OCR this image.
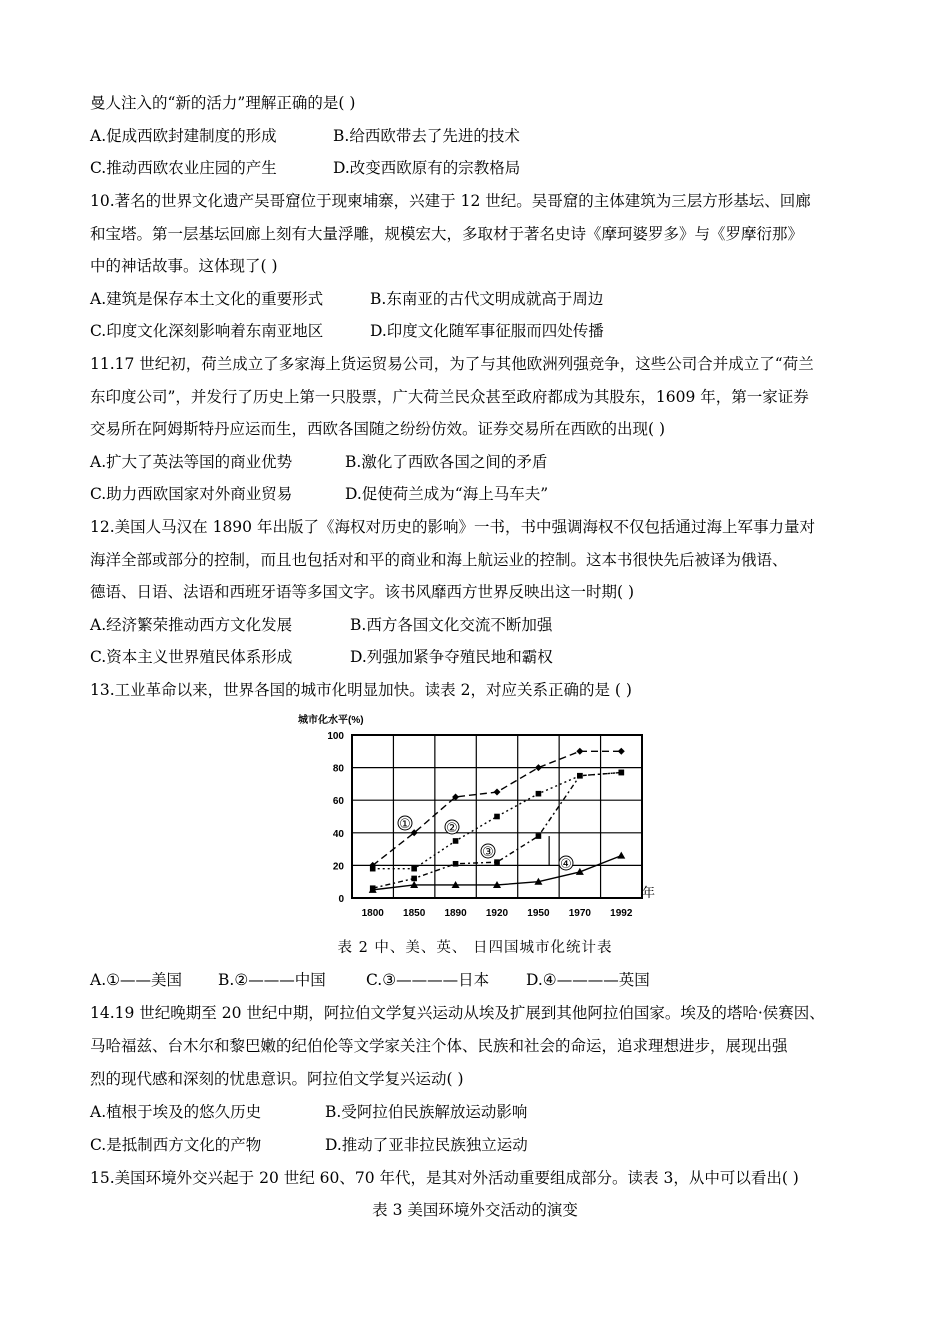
曼人注入的“新的活力”理解正确的是( )
A.促成西欧封建制度的形成	B.给西欧带去了先进的技术
C.推动西欧农业庄园的产生	D.改变西欧原有的宗教格局
10.著名的世界文化遗产吴哥窟位于现柬埔寨，兴建于 12 世纪。吴哥窟的主体建筑为三层方形基坛、回廊
和宝塔。第一层基坛回廊上刻有大量浮雕，规模宏大，多取材于著名史诗《摩珂婆罗多》与《罗摩衍那》
中的神话故事。这体现了( )
A.建筑是保存本土文化的重要形式	B.东南亚的古代文明成就高于周边
C.印度文化深刻影响着东南亚地区	D.印度文化随军事征服而四处传播
11.17 世纪初，荷兰成立了多家海上货运贸易公司，为了与其他欧洲列强竞争，这些公司合并成立了“荷兰
东印度公司”，并发行了历史上第一只股票，广大荷兰民众甚至政府都成为其股东，1609 年，第一家证券
交易所在阿姆斯特丹应运而生，西欧各国随之纷纷仿效。证券交易所在西欧的出现( )
A.扩大了英法等国的商业优势	B.激化了西欧各国之间的矛盾
C.助力西欧国家对外商业贸易	D.促使荷兰成为“海上马车夫”
12.美国人马汉在 1890 年出版了《海权对历史的影响》一书，书中强调海权不仅包括通过海上军事力量对
海洋全部或部分的控制，而且也包括对和平的商业和海上航运业的控制。这本书很快先后被译为俄语、
德语、日语、法语和西班牙语等多国文字。该书风靡西方世界反映出这一时期( )
A.经济繁荣推动西方文化发展	B.西方各国文化交流不断加强
C.资本主义世界殖民体系形成	D.列强加紧争夺殖民地和霸权
13.工业革命以来，世界各国的城市化明显加快。读表 2，对应关系正确的是 ( )
①	②
③
④
0
20
40
60
80
100
1800 1850 1890 1920 1950 1970 1992
城市化水平(%)
年
表 2 中、美、英、 日四国城市化统计表
A.①——美国 B.②———中国	C.③————日本 D.④————英国
14.19 世纪晚期至 20 世纪中期，阿拉伯文学复兴运动从埃及扩展到其他阿拉伯国家。埃及的塔哈·侯赛因、
马哈福兹、台木尔和黎巴嫩的纪伯伦等文学家关注个体、民族和社会的命运，追求理想进步，展现出强
烈的现代感和深刻的忧患意识。阿拉伯文学复兴运动( )
A.植根于埃及的悠久历史	B.受阿拉伯民族解放运动影响
C.是抵制西方文化的产物	D.推动了亚非拉民族独立运动
15.美国环境外交兴起于 20 世纪 60、70 年代，是其对外活动重要组成部分。读表 3，从中可以看出( )
表 3 美国环境外交活动的演变
